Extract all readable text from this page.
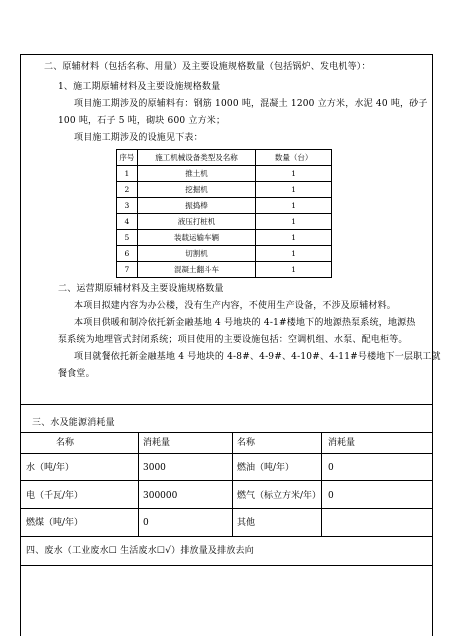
二、原辅材料（包括名称、用量）及主要设施规格数量（包括锅炉、发电机等）：
1、施工期原辅材料及主要设施规格数量
项目施工期涉及的原辅料有：钢筋 1000 吨，混凝土 1200 立方米，水泥 40 吨，砂子
100 吨，石子 5 吨，砌块 600 立方米；
项目施工期涉及的设施见下表：
序号	施工机械设备类型及名称	数量（台）
1	推土机	1
2	挖掘机	1
3	振捣棒	1
4	液压打桩机	1
5	装载运输车辆	1
6	切割机	1
7	混凝土翻斗车	1
二、运营期原辅材料及主要设施规格数量
本项目拟建内容为办公楼，没有生产内容，不使用生产设备，不涉及原辅材料。
本项目供暖和制冷依托新金融基地 4 号地块的 4-1#楼地下的地源热泵系统，地源热
泵系统为地埋管式封闭系统；项目使用的主要设施包括：空调机组、水泵、配电柜等。
项目就餐依托新金融基地 4 号地块的 4-8#、4-9#、4-10#、4-11#号楼地下一层职工就
餐食堂。
三、水及能源消耗量
名称	消耗量	名称	消耗量
水（吨/年）	3000	燃油（吨/年）	0
电（千瓦/年）	300000	燃气（标立方米/年） 0
燃煤（吨/年）	0	其他
四、废水（工业废水☐ 生活废水☐√）排放量及排放去向
